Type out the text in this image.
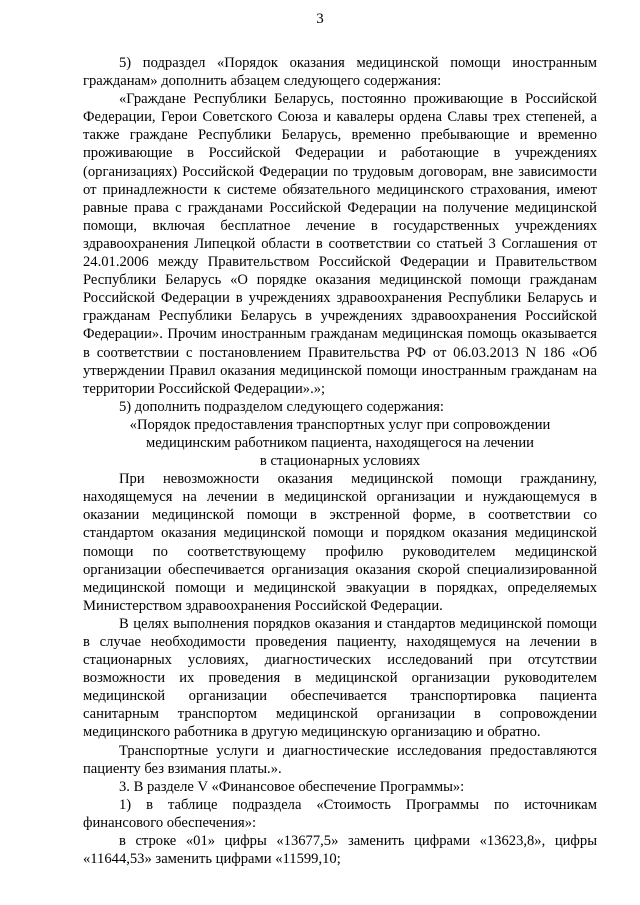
3

5) подраздел «Порядок оказания медицинской помощи иностранным гражданам» дополнить абзацем следующего содержания:

«Граждане Республики Беларусь, постоянно проживающие в Российской Федерации, Герои Советского Союза и кавалеры ордена Славы трех степеней, а также граждане Республики Беларусь, временно пребывающие и временно проживающие в Российской Федерации и работающие в учреждениях (организациях) Российской Федерации по трудовым договорам, вне зависимости от принадлежности к системе обязательного медицинского страхования, имеют равные права с гражданами Российской Федерации на получение медицинской помощи, включая бесплатное лечение в государственных учреждениях здравоохранения Липецкой области в соответствии со статьей 3 Соглашения от 24.01.2006 между Правительством Российской Федерации и Правительством Республики Беларусь «О порядке оказания медицинской помощи гражданам Российской Федерации в учреждениях здравоохранения Республики Беларусь и гражданам Республики Беларусь в учреждениях здравоохранения Российской Федерации». Прочим иностранным гражданам медицинская помощь оказывается в соответствии с постановлением Правительства РФ от 06.03.2013 N 186 «Об утверждении Правил оказания медицинской помощи иностранным гражданам на территории Российской Федерации».»;

5) дополнить подразделом следующего содержания:

«Порядок предоставления транспортных услуг при сопровождении

медицинским работником пациента, находящегося на лечении

в стационарных условиях

При невозможности оказания медицинской помощи гражданину, находящемуся на лечении в медицинской организации и нуждающемуся в оказании медицинской помощи в экстренной форме, в соответствии со стандартом оказания медицинской помощи и порядком оказания медицинской помощи по соответствующему профилю руководителем медицинской организации обеспечивается организация оказания скорой специализированной медицинской помощи и медицинской эвакуации в порядках, определяемых Министерством здравоохранения Российской Федерации.

В целях выполнения порядков оказания и стандартов медицинской помощи в случае необходимости проведения пациенту, находящемуся на лечении в стационарных условиях, диагностических исследований при отсутствии возможности их проведения в медицинской организации руководителем медицинской организации обеспечивается транспортировка пациента санитарным транспортом медицинской организации в сопровождении медицинского работника в другую медицинскую организацию и обратно.

Транспортные услуги и диагностические исследования предоставляются пациенту без взимания платы.».

3. В разделе V «Финансовое обеспечение Программы»:

1) в таблице подраздела «Стоимость Программы по источникам финансового обеспечения»:

в строке «01» цифры «13677,5» заменить цифрами «13623,8», цифры «11644,53» заменить цифрами «11599,10;
